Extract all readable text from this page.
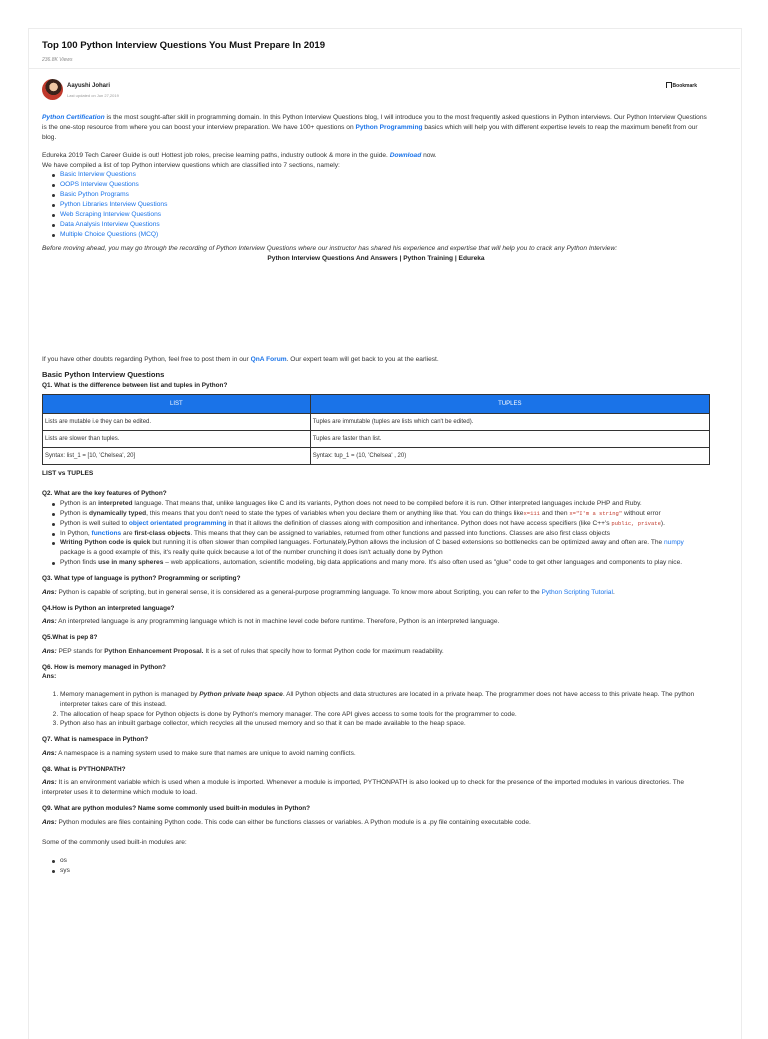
Top 100 Python Interview Questions You Must Prepare In 2019
236.8K Views
Aayushi Johari
Last updated on Jun 27,2019
Bookmark

Python Certification is the most sought-after skill in programming domain. In this Python Interview Questions blog, I will introduce you to the most frequently asked questions in Python interviews. Our Python Interview Questions is the one-stop resource from where you can boost your interview preparation. We have 100+ questions on Python Programming basics which will help you with different expertise levels to reap the maximum benefit from our blog.

Edureka 2019 Tech Career Guide is out! Hottest job roles, precise learning paths, industry outlook & more in the guide. Download now.

We have compiled a list of top Python interview questions which are classified into 7 sections, namely:

Basic Interview Questions
OOPS Interview Questions
Basic Python Programs
Python Libraries Interview Questions
Web Scraping Interview Questions
Data Analysis Interview Questions
Multiple Choice Questions (MCQ)

Before moving ahead, you may go through the recording of Python Interview Questions where our instructor has shared his experience and expertise that will help you to crack any Python Interview:

Python Interview Questions And Answers | Python Training | Edureka

If you have other doubts regarding Python, feel free to post them in our QnA Forum. Our expert team will get back to you at the earliest.

Basic Python Interview Questions
Q1. What is the difference between list and tuples in Python?
LIST	TUPLES
Lists are mutable i.e they can be edited.	Tuples are immutable (tuples are lists which can't be edited).
Lists are slower than tuples.	Tuples are faster than list.
Syntax: list_1 = [10, 'Chelsea', 20]	Syntax: tup_1 = (10, 'Chelsea' , 20)
LIST vs TUPLES
Q2. What are the key features of Python?
Python is an interpreted language. That means that, unlike languages like C and its variants, Python does not need to be compiled before it is run. Other interpreted languages include PHP and Ruby.
Python is dynamically typed, this means that you don't need to state the types of variables when you declare them or anything like that. You can do things likex=111 and then x="I'm a string" without error
Python is well suited to object orientated programming in that it allows the definition of classes along with composition and inheritance. Python does not have access specifiers (like C++'s public, private).
In Python, functions are first-class objects. This means that they can be assigned to variables, returned from other functions and passed into functions. Classes are also first class objects
Writing Python code is quick but running it is often slower than compiled languages. Fortunately,Python allows the inclusion of C based extensions so bottlenecks can be optimized away and often are. The numpy package is a good example of this, it's really quite quick because a lot of the number crunching it does isn't actually done by Python
Python finds use in many spheres – web applications, automation, scientific modeling, big data applications and many more. It's also often used as "glue" code to get other languages and components to play nice.
Q3. What type of language is python? Programming or scripting?

Ans: Python is capable of scripting, but in general sense, it is considered as a general-purpose programming language. To know more about Scripting, you can refer to the Python Scripting Tutorial.

Q4.How is Python an interpreted language?

Ans: An interpreted language is any programming language which is not in machine level code before runtime. Therefore, Python is an interpreted language.

Q5.What is pep 8?

Ans: PEP stands for Python Enhancement Proposal. It is a set of rules that specify how to format Python code for maximum readability.

Q6. How is memory managed in Python?

Ans:

1. Memory management in python is managed by Python private heap space. All Python objects and data structures are located in a private heap. The programmer does not have access to this private heap. The python interpreter takes care of this instead.
2. The allocation of heap space for Python objects is done by Python's memory manager. The core API gives access to some tools for the programmer to code.
3. Python also has an inbuilt garbage collector, which recycles all the unused memory and so that it can be made available to the heap space.
Q7. What is namespace in Python?

Ans: A namespace is a naming system used to make sure that names are unique to avoid naming conflicts.

Q8. What is PYTHONPATH?

Ans: It is an environment variable which is used when a module is imported. Whenever a module is imported, PYTHONPATH is also looked up to check for the presence of the imported modules in various directories. The interpreter uses it to determine which module to load.

Q9. What are python modules? Name some commonly used built-in modules in Python?

Ans: Python modules are files containing Python code. This code can either be functions classes or variables. A Python module is a .py file containing executable code.

Some of the commonly used built-in modules are:

os
sys
